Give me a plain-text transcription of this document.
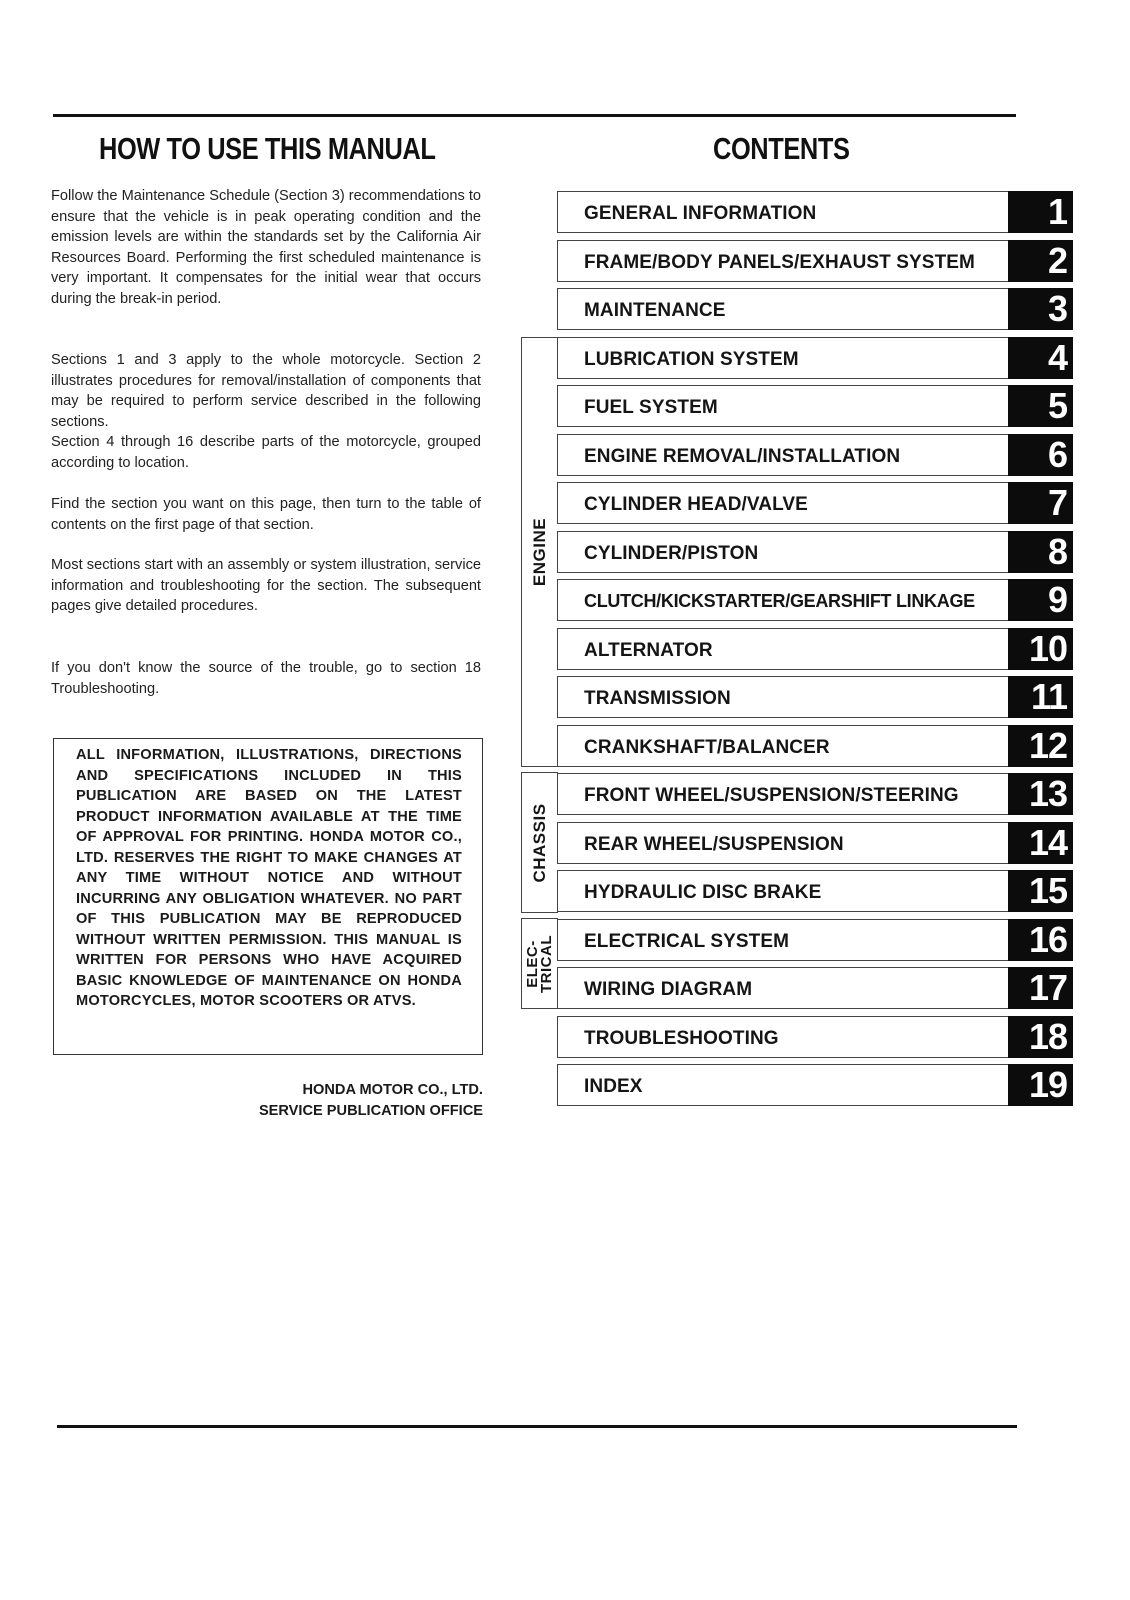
HOW TO USE THIS MANUAL

Follow the Maintenance Schedule (Section 3) recommendations to ensure that the vehicle is in peak operating condition and the emission levels are within the standards set by the California Air Resources Board. Performing the first scheduled maintenance is very important. It compensates for the initial wear that occurs during the break-in period.

Sections 1 and 3 apply to the whole motorcycle. Section 2 illustrates procedures for removal/installation of components that may be required to perform service described in the following sections.

Section 4 through 16 describe parts of the motorcycle, grouped according to location.

Find the section you want on this page, then turn to the table of contents on the first page of that section.

Most sections start with an assembly or system illustration, service information and troubleshooting for the section. The subsequent pages give detailed procedures.

If you don't know the source of the trouble, go to section 18 Troubleshooting.

ALL INFORMATION, ILLUSTRATIONS, DIRECTIONS AND SPECIFICATIONS INCLUDED IN THIS PUBLICATION ARE BASED ON THE LATEST PRODUCT INFORMATION AVAILABLE AT THE TIME OF APPROVAL FOR PRINTING. HONDA MOTOR CO., LTD. RESERVES THE RIGHT TO MAKE CHANGES AT ANY TIME WITHOUT NOTICE AND WITHOUT INCURRING ANY OBLIGATION WHATEVER. NO PART OF THIS PUBLICATION MAY BE REPRODUCED WITHOUT WRITTEN PERMISSION. THIS MANUAL IS WRITTEN FOR PERSONS WHO HAVE ACQUIRED BASIC KNOWLEDGE OF MAINTENANCE ON HONDA MOTORCYCLES, MOTOR SCOOTERS OR ATVS.
HONDA MOTOR CO., LTD.
SERVICE PUBLICATION OFFICE
CONTENTS
ENGINE
CHASSIS
ELEC-
TRICAL
GENERAL INFORMATION	1
FRAME/BODY PANELS/EXHAUST SYSTEM	2
MAINTENANCE	3
LUBRICATION SYSTEM	4
FUEL SYSTEM	5
ENGINE REMOVAL/INSTALLATION	6
CYLINDER HEAD/VALVE	7
CYLINDER/PISTON	8
CLUTCH/KICKSTARTER/GEARSHIFT LINKAGE	9
ALTERNATOR	10
TRANSMISSION	11
CRANKSHAFT/BALANCER	12
FRONT WHEEL/SUSPENSION/STEERING	13
REAR WHEEL/SUSPENSION	14
HYDRAULIC DISC BRAKE	15
ELECTRICAL SYSTEM	16
WIRING DIAGRAM	17
TROUBLESHOOTING	18
INDEX	19
